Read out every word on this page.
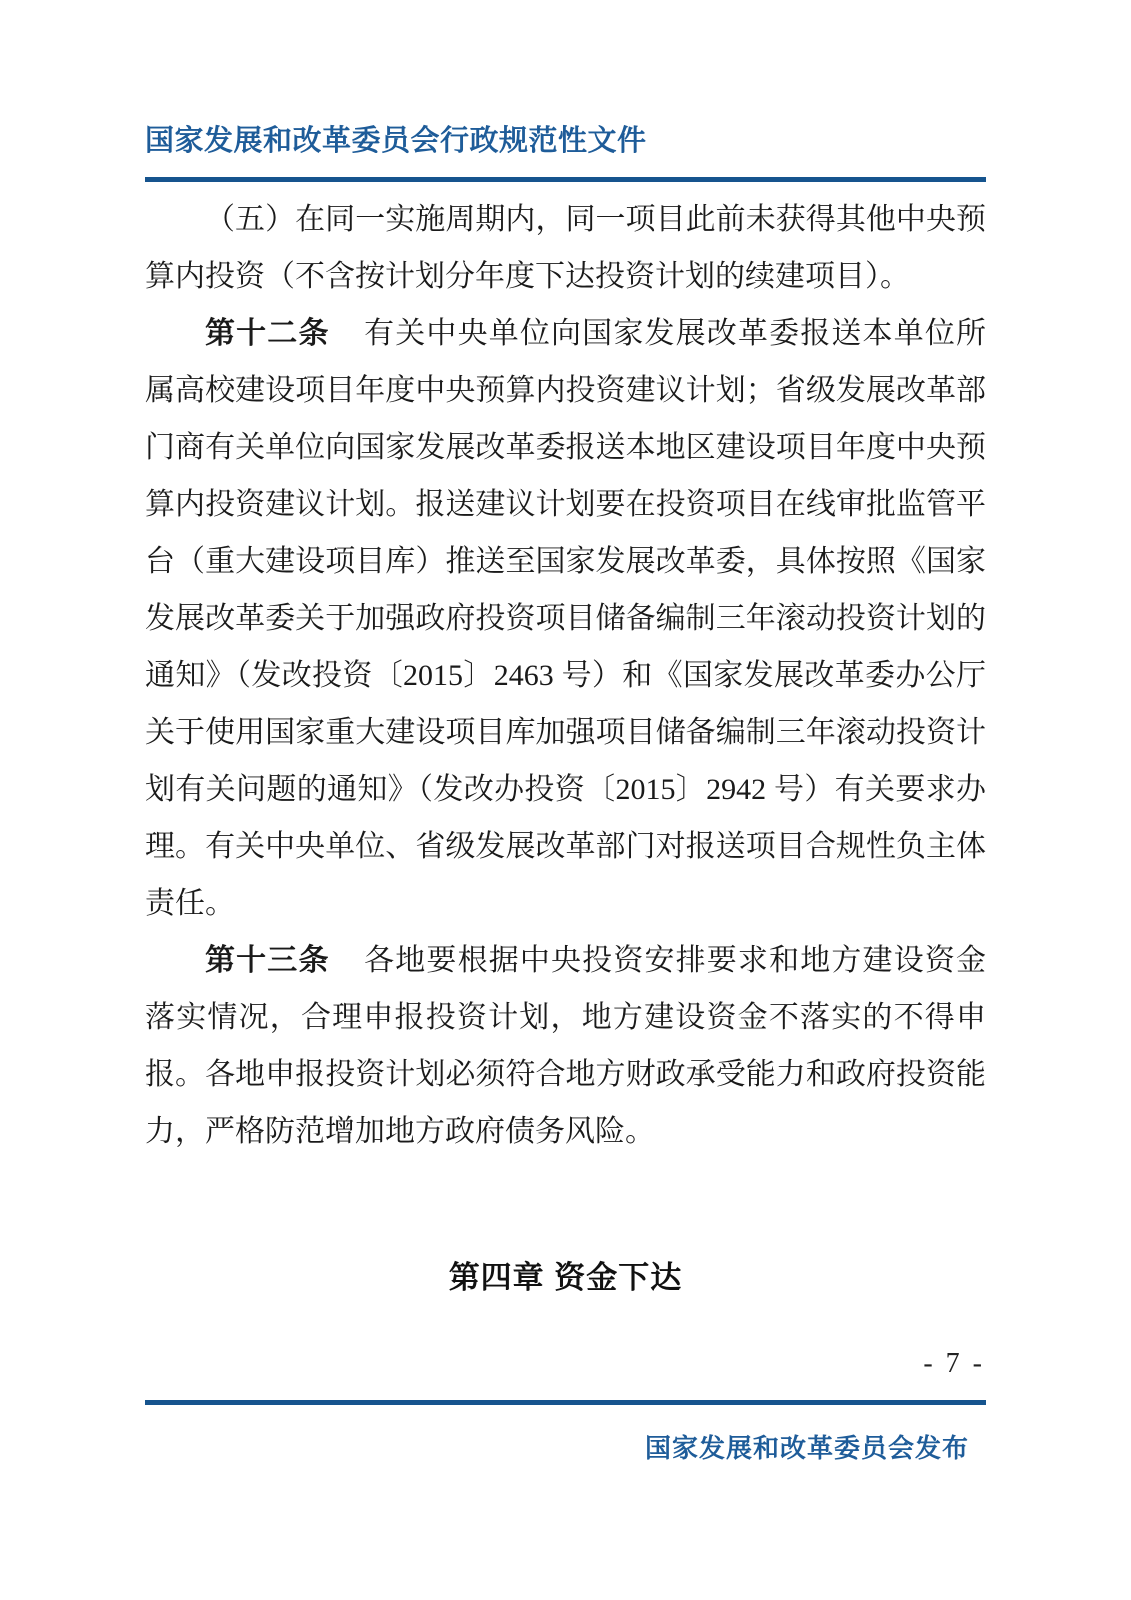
国家发展和改革委员会行政规范性文件

（五）在同一实施周期内，同一项目此前未获得其他中央预算内投资（不含按计划分年度下达投资计划的续建项目）。

第十二条 有关中央单位向国家发展改革委报送本单位所属高校建设项目年度中央预算内投资建议计划；省级发展改革部门商有关单位向国家发展改革委报送本地区建设项目年度中央预算内投资建议计划。报送建议计划要在投资项目在线审批监管平台（重大建设项目库）推送至国家发展改革委，具体按照《国家发展改革委关于加强政府投资项目储备编制三年滚动投资计划的通知》（发改投资〔2015〕2463 号）和《国家发展改革委办公厅关于使用国家重大建设项目库加强项目储备编制三年滚动投资计划有关问题的通知》（发改办投资〔2015〕2942 号）有关要求办理。有关中央单位、省级发展改革部门对报送项目合规性负主体责任。

第十三条 各地要根据中央投资安排要求和地方建设资金落实情况，合理申报投资计划，地方建设资金不落实的不得申报。各地申报投资计划必须符合地方财政承受能力和政府投资能力，严格防范增加地方政府债务风险。

第四章 资金下达
- 7 -
国家发展和改革委员会发布
